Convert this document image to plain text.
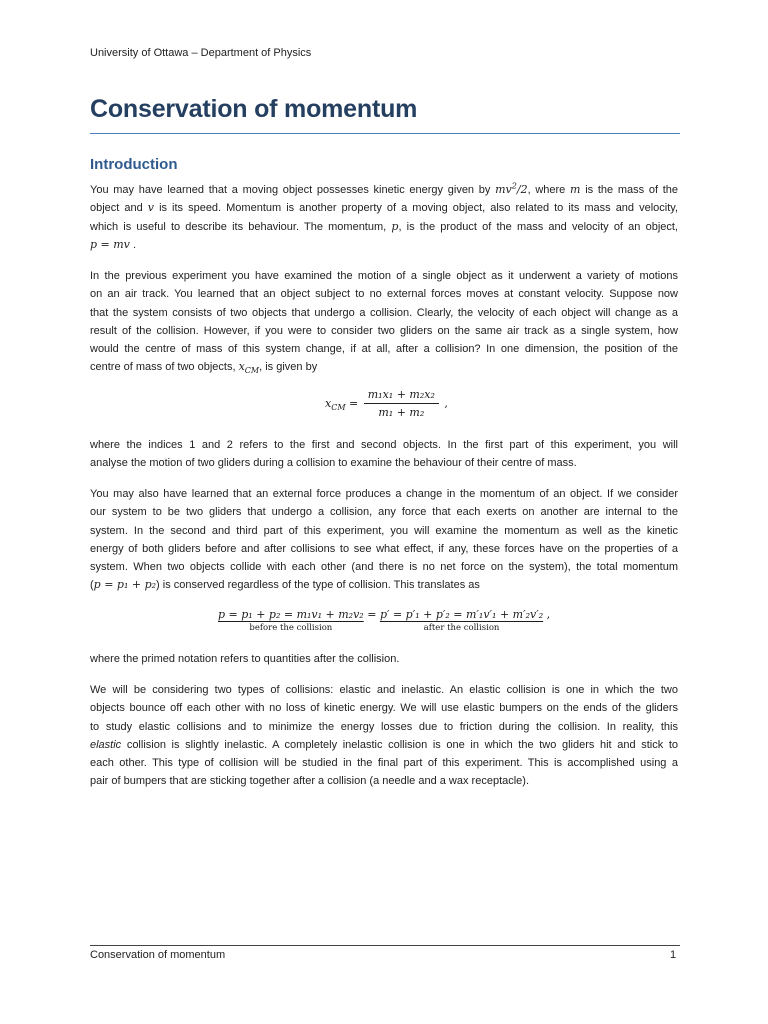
University of Ottawa – Department of Physics
Conservation of momentum
Introduction
You may have learned that a moving object possesses kinetic energy given by $mv^2/2$, where m is the mass of the
object and v is its speed. Momentum is another property of a moving object, also related to its mass and velocity,
which is useful to describe its behaviour. The momentum, p, is the product of the mass and velocity of an object,
p = mv .
In the previous experiment you have examined the motion of a single object as it underwent a variety of motions
on an air track. You learned that an object subject to no external forces moves at constant velocity. Suppose now
that the system consists of two objects that undergo a collision. Clearly, the velocity of each object will change as a
result of the collision. However, if you were to consider two gliders on the same air track as a single system, how
would the centre of mass of this system change, if at all, after a collision? In one dimension, the position of the
centre of mass of two objects, $x_{CM}$, is given by
$x_{CM} = \frac{\text{m₁x₁ + m₂x₂}}{\text{m₁ + m₂}}$ ,
where the indices 1 and 2 refers to the first and second objects. In the first part of this experiment, you will
analyse the motion of two gliders during a collision to examine the behaviour of their centre of mass.
You may also have learned that an external force produces a change in the momentum of an object. If we consider
our system to be two gliders that undergo a collision, any force that each exerts on another are internal to the
system. In the second and third part of this experiment, you will examine the momentum as well as the kinetic
energy of both gliders before and after collisions to see what effect, if any, these forces have on the properties of a
system. When two objects collide with each other (and there is no net force on the system), the total momentum
(p = p₁ + p₂) is conserved regardless of the type of collision. This translates as
p = p₁ + p₂ = m₁v₁ + m₂v₂
before the collision
= p′ = p′₁ + p′₂ = m′₁v′₁ + m′₂v′₂
after the collision
,
where the primed notation refers to quantities after the collision.
We will be considering two types of collisions: elastic and inelastic. An elastic collision is one in which the two
objects bounce off each other with no loss of kinetic energy. We will use elastic bumpers on the ends of the gliders
to study elastic collisions and to minimize the energy losses due to friction during the collision. In reality, this
elastic collision is slightly inelastic. A completely inelastic collision is one in which the two gliders hit and stick to
each other. This type of collision will be studied in the final part of this experiment. This is accomplished using a
pair of bumpers that are sticking together after a collision (a needle and a wax receptacle).
Conservation of momentum	1
